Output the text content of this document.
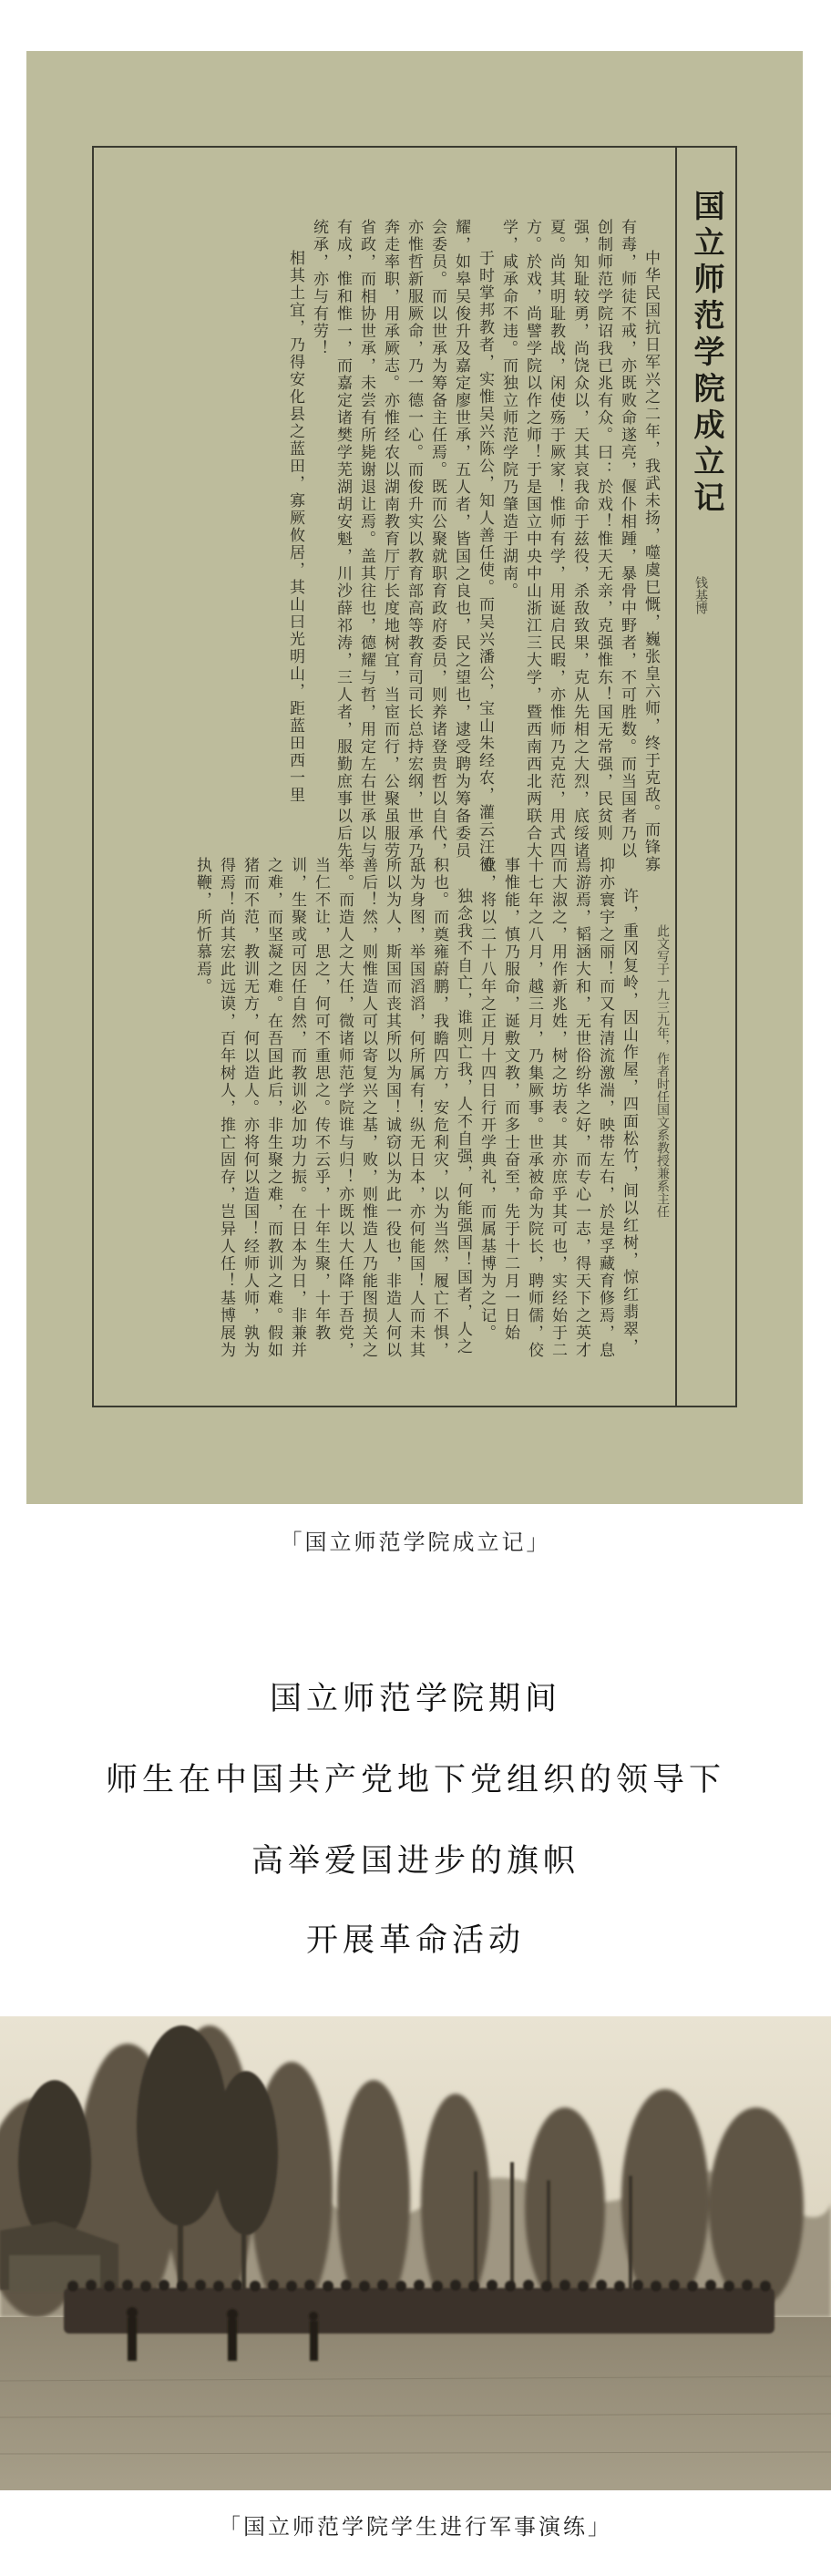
国立师范学院成立记
钱基博

中华民国抗日军兴之二年，我武未扬，噬虞巳慨，巍张皇六师，终于克敌。而锋寡有毒，师徒不戒，亦既败命遂亮，偃仆相踵，暴骨中野者，不可胜数。而当国者乃以创制师范学院诏我已兆有众。曰：於戏！惟天无亲，克强惟东！国无常强，民贫则强，知耻较勇，尚饶众以，天其哀我命于兹役，杀敌致果，克从先相之大烈，底绥诸夏。尚其明耻教战，闲使殇于厥家！惟师有学，用诞启民暇，亦惟师乃克范，用式四方。於戏，尚譬学院以作之师！于是国立中央中山浙江三大学，暨西南西北两联合大学，咸承命不违。而独立师范学院乃肇造于湖南。

于时掌邦教者，实惟吴兴陈公，知人善任使。而吴兴潘公，宝山朱经农，灌云汪德耀，如皋吴俊升及嘉定廖世承，五人者，皆国之良也，民之望也，逮受聘为筹备委员会委员。而以世承为筹备主任焉。既而公聚就职育政府委员，则养诸登贵哲以自代，亦惟哲新服厥命，乃一德一心。而俊升实以教育部高等教育司司长总持宏纲，世承乃奔走率职，用承厥志。亦惟经农以湖南教育厅厅长度地树宜，当宦而行，公聚虽服劳省政，而相协世承，未尝有所毙谢退让焉。盖其往也，德耀与哲，用定左右世承以与有成，惟和惟一，而嘉定诸樊学芜湖胡安魁，川沙薛祁涛，三人者，服勤庶事以后先统承，亦与有劳！

相其土宜，乃得安化县之蓝田，寡厥攸居，其山曰光明山，距蓝田西一里

此文写于一九三九年，作者时任国文系教授兼系主任

许，重冈复岭，因山作屋，四面松竹，间以红树，惊红翡翠，抑亦寰宇之丽！而又有清流激湍，映带左右，於是孚藏育修焉，息焉游焉，韬涵大和，无世俗纷华之好，而专心一志，得天下之英才而大淑之，用作新兆姓，树之坊表。其亦庶乎其可也，实经始于二十七年之八月，越三月，乃集厥事。世承被命为院长，聘师儒，佼事惟能，慎乃服命，诞敷文教，而多士奋至，先于十二月一日始业，将以二十八年之正月十四日行开学典礼，而属基博为之记。

独念我不自亡，谁则亡我，人不自强，何能强国！国者，人之积也。而奠雍蔚鹏，我瞻四方，安危利灾，以为当然，履亡不惧，舐为身图，举国滔滔，何所属有！纵无日本，亦何能国！人而未其所以为人，斯国而丧其所以为国！诚窃以为此一役也，非造人何以善后！然，则惟造人可以寄复兴之基，败，则惟造人乃能图损关之举。而造人之大任，微诸师范学院谁与归！亦既以大任降于吾党，当仁不让，思之，何可不重思之。传不云乎，十年生聚，十年教训，生聚或可因任自然，而教训必加功力振。在日本为日，非兼并之难，而坚凝之难。在吾国此后，非生聚之难，而教训之难。假如猪而不范，教训无方，何以造人。亦将何以造国！经师人师，孰为得焉！尚其宏此远谟，百年树人，推亡固存，岂异人任！基博展为执鞭，所忻慕焉。

「国立师范学院成立记」
国立师范学院期间
师生在中国共产党地下党组织的领导下
高举爱国进步的旗帜
开展革命活动
「国立师范学院学生进行军事演练」
